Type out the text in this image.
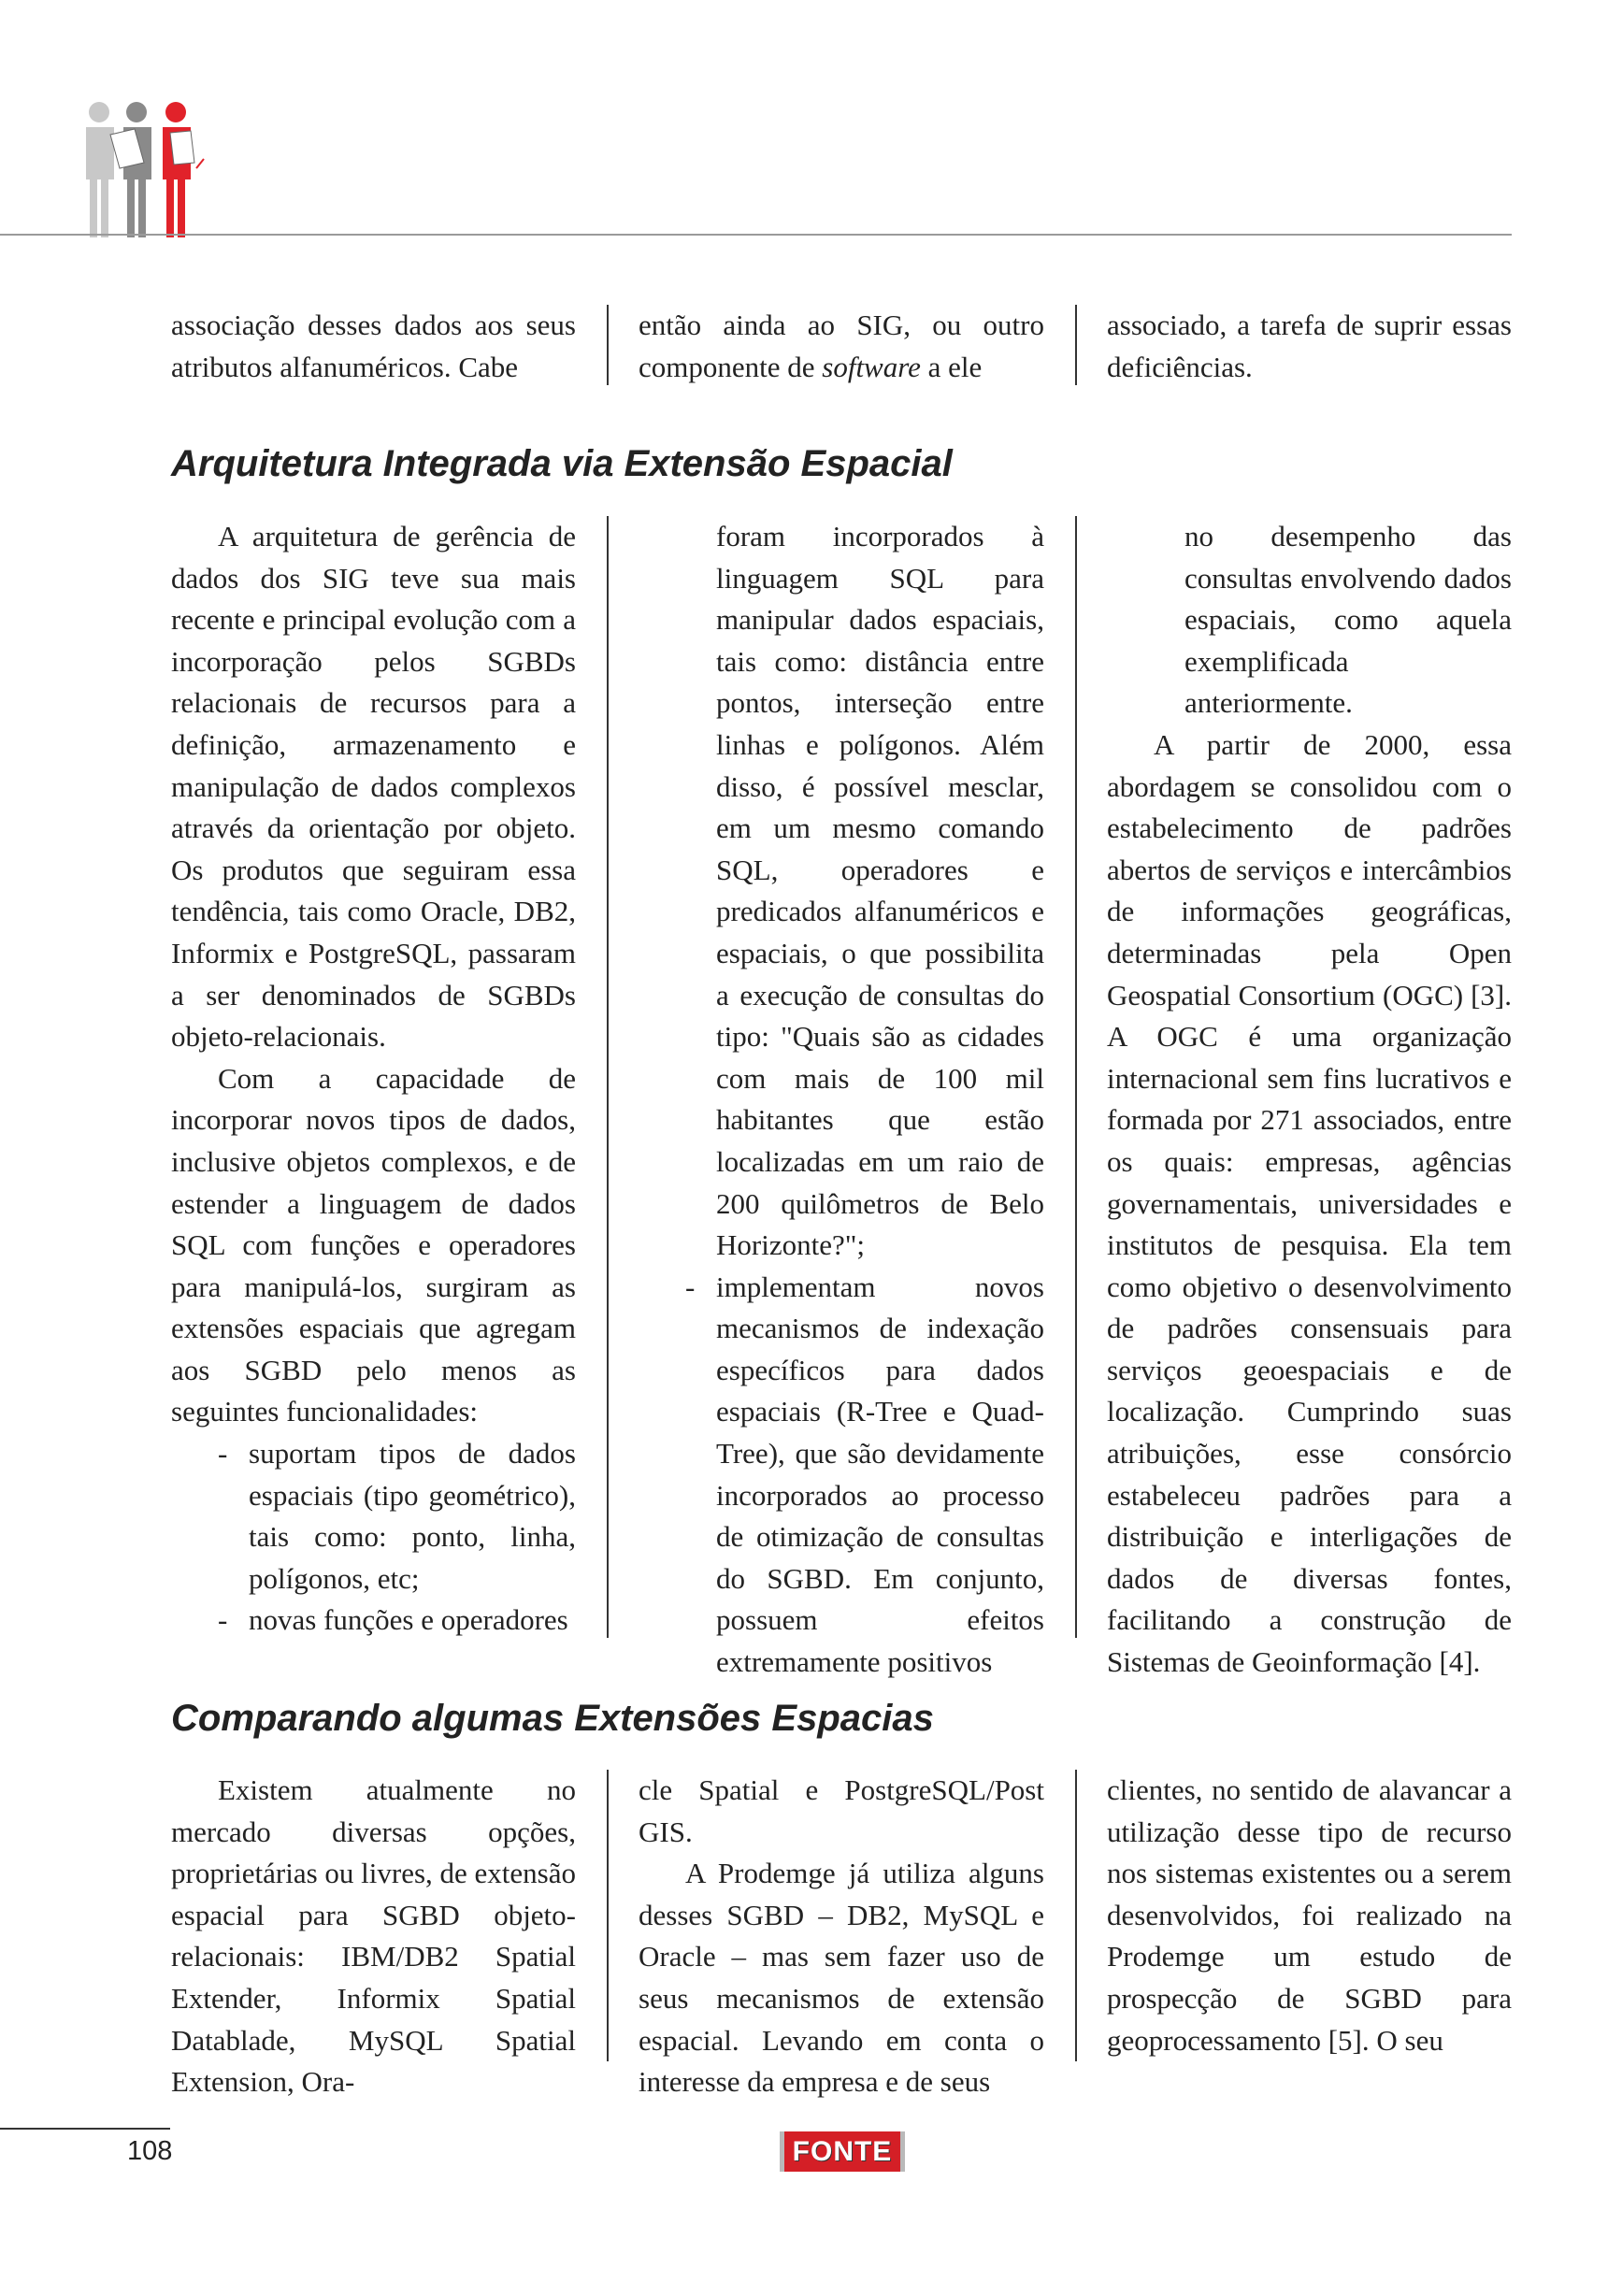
associação desses dados aos seus atributos alfanuméricos. Cabe

então ainda ao SIG, ou outro componente de software a ele

associado, a tarefa de suprir essas deficiências.

Arquitetura Integrada via Extensão Espacial

A arquitetura de gerência de dados dos SIG teve sua mais recente e principal evolução com a incorporação pelos SGBDs relacionais de recursos para a definição, armazenamento e manipulação de dados complexos através da orientação por objeto. Os produtos que seguiram essa tendência, tais como Oracle, DB2, Informix e PostgreSQL, passaram a ser denominados de SGBDs objeto-relacionais.

Com a capacidade de incorporar novos tipos de dados, inclusive objetos complexos, e de estender a linguagem de dados SQL com funções e operadores para manipulá-los, surgiram as extensões espaciais que agregam aos SGBD pelo menos as seguintes funcionalidades:

- suportam tipos de dados espaciais (tipo geométrico), tais como: ponto, linha, polígonos, etc;

- novas funções e operadores

foram incorporados à linguagem SQL para manipular dados espaciais, tais como: distância entre pontos, interseção entre linhas e polígonos. Além disso, é possível mesclar, em um mesmo comando SQL, operadores e predicados alfanuméricos e espaciais, o que possibilita a execução de consultas do tipo: "Quais são as cidades com mais de 100 mil habitantes que estão localizadas em um raio de 200 quilômetros de Belo Horizonte?";

- implementam novos mecanismos de indexação específicos para dados espaciais (R-Tree e Quad-Tree), que são devidamente incorporados ao processo de otimização de consultas do SGBD. Em conjunto, possuem efeitos extremamente positivos

no desempenho das consultas envolvendo dados espaciais, como aquela exemplificada anteriormente.

A partir de 2000, essa abordagem se consolidou com o estabelecimento de padrões abertos de serviços e intercâmbios de informações geográficas, determinadas pela Open Geospatial Consortium (OGC) [3]. A OGC é uma organização internacional sem fins lucrativos e formada por 271 associados, entre os quais: empresas, agências governamentais, universidades e institutos de pesquisa. Ela tem como objetivo o desenvolvimento de padrões consensuais para serviços geoespaciais e de localização. Cumprindo suas atribuições, esse consórcio estabeleceu padrões para a distribuição e interligações de dados de diversas fontes, facilitando a construção de Sistemas de Geoinformação [4].

Comparando algumas Extensões Espacias

Existem atualmente no mercado diversas opções, proprietárias ou livres, de extensão espacial para SGBD objeto-relacionais: IBM/DB2 Spatial Extender, Informix Spatial Datablade, MySQL Spatial Extension, Ora-

cle Spatial e PostgreSQL/Post GIS.

A Prodemge já utiliza alguns desses SGBD – DB2, MySQL e Oracle – mas sem fazer uso de seus mecanismos de extensão espacial. Levando em conta o interesse da empresa e de seus

clientes, no sentido de alavancar a utilização desse tipo de recurso nos sistemas existentes ou a serem desenvolvidos, foi realizado na Prodemge um estudo de prospecção de SGBD para geoprocessamento [5]. O seu

108	FONTE
